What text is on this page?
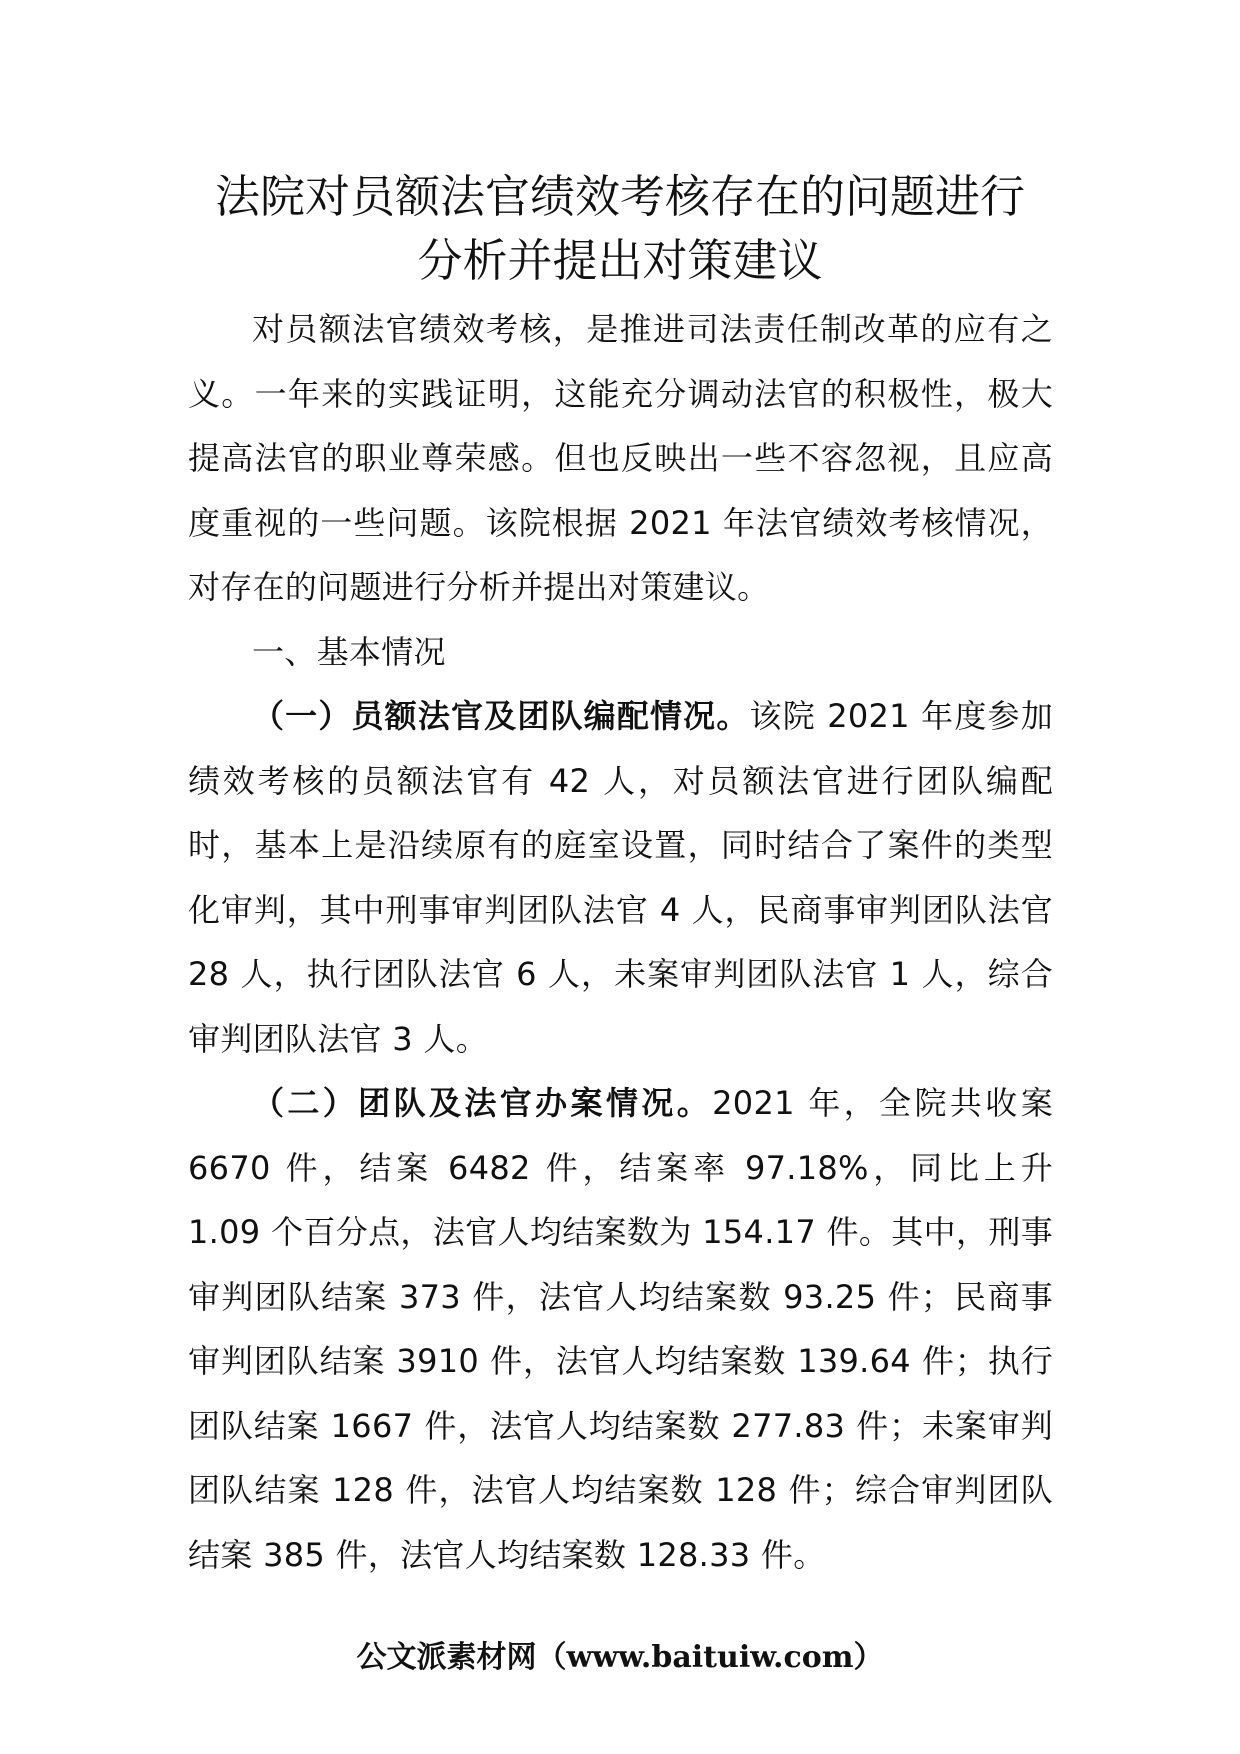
法院对员额法官绩效考核存在的问题进行
分析并提出对策建议

对员额法官绩效考核，是推进司法责任制改革的应有之义。一年来的实践证明，这能充分调动法官的积极性，极大提高法官的职业尊荣感。但也反映出一些不容忽视，且应高度重视的一些问题。该院根据 2021 年法官绩效考核情况，对存在的问题进行分析并提出对策建议。

一、基本情况

（一）员额法官及团队编配情况。该院 2021 年度参加绩效考核的员额法官有 42 人，对员额法官进行团队编配时，基本上是沿续原有的庭室设置，同时结合了案件的类型化审判，其中刑事审判团队法官 4 人，民商事审判团队法官 28 人，执行团队法官 6 人，未案审判团队法官 1 人，综合审判团队法官 3 人。

（二）团队及法官办案情况。2021 年，全院共收案 6670 件，结案 6482 件，结案率 97.18%，同比上升 1.09 个百分点，法官人均结案数为 154.17 件。其中，刑事审判团队结案 373 件，法官人均结案数 93.25 件；民商事审判团队结案 3910 件，法官人均结案数 139.64 件；执行团队结案 1667 件，法官人均结案数 277.83 件；未案审判团队结案 128 件，法官人均结案数 128 件；综合审判团队结案 385 件，法官人均结案数 128.33 件。

公文派素材网（www.baituiw.com）
